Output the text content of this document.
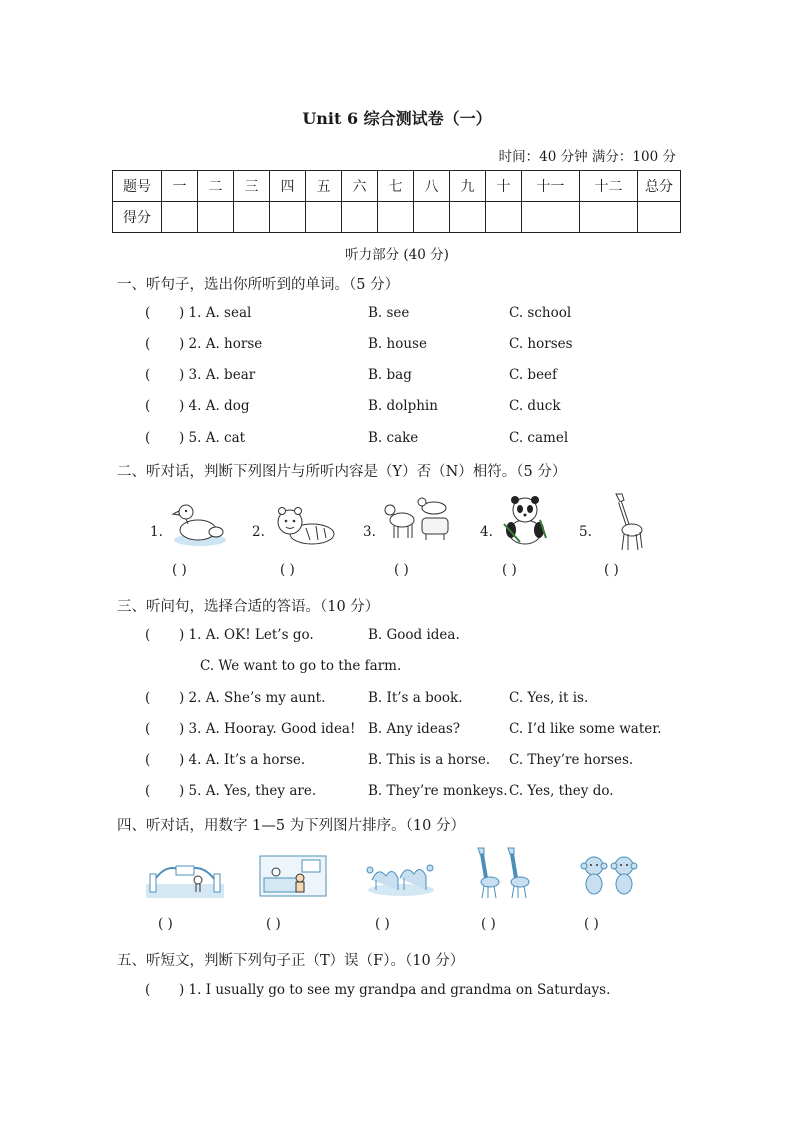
Unit 6 综合测试卷（一）
时间：40 分钟 满分：100 分
题号	一	二	三	四	五	六	七	八	九	十	十一	十二	总分
得分													
听力部分 (40 分)
一、听句子，选出你所听到的单词。（5 分）
( ) 1. A. seal	B. see	C. school
( ) 2. A. horse	B. house	C. horses
( ) 3. A. bear	B. bag	C. beef
( ) 4. A. dog	B. dolphin	C. duck
( ) 5. A. cat	B. cake	C. camel
二、听对话，判断下列图片与所听内容是（Y）否（N）相符。（5 分）
1.	2.	3.	4.	5.
( )	( )	( )	( )	( )
三、听问句，选择合适的答语。（10 分）
( ) 1. A. OK! Let’s go.	B. Good idea.
C. We want to go to the farm.
( ) 2. A. She’s my aunt.	B. It’s a book.	C. Yes, it is.
( ) 3. A. Hooray. Good idea! B. Any ideas?	C. I’d like some water.
( ) 4. A. It’s a horse.	B. This is a horse. C. They’re horses.
( ) 5. A. Yes, they are.	B. They’re monkeys. C. Yes, they do.
四、听对话，用数字 1—5 为下列图片排序。（10 分）
( )	( )	( )	( )	( )
五、听短文，判断下列句子正（T）误（F）。（10 分）
( ) 1. I usually go to see my grandpa and grandma on Saturdays.
